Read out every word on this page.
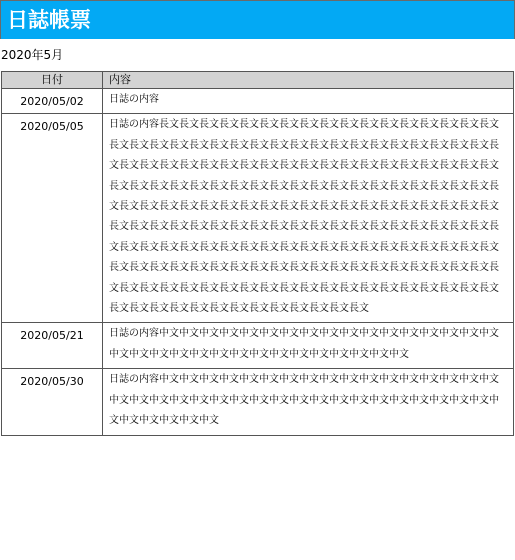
日誌帳票
2020年5月
日付	内容
2020/05/02	日誌の内容

2020/05/05	日誌の内容長文長文長文長文長文長文長文長文長文長文長文長文長文長文長文長文長文長文長文長文長文長文長文長文長文長文長文長文長文長文長文長文長文長文長文長文長文長文長文長文長文長文長文長文長文長文長文長文長文長文長文長文長文長文長文長文長文長文長文長文長文長文長文長文長文長文長文長文長文長文長文長文長文長文長文長文長文長文長文長文長文長文長文長文長文長文長文長文長文長文長文長文長文長文長文長文長文長文長文長文長文長文長文長文長文長文長文長文長文長文長文長文長文長文長文長文長文長文長文長文長文長文長文長文長文長文長文長文長文長文長文長文長文長文長文長文長文長文長文長文長文長文長文長文長文長文長文長文長文長文長文長文長文長文長文長文長文長文長文長文長文長文長文長文長文長文長文長文長文長文長文長文長文長文長文長文長文長文長文長文長文長文長文長文長文長文

2020/05/21	日誌の内容中文中文中文中文中文中文中文中文中文中文中文中文中文中文中文中文中文中文中文中文中文中文中文中文中文中文中文中文中文中文中文中文

2020/05/30	日誌の内容中文中文中文中文中文中文中文中文中文中文中文中文中文中文中文中文中文中文中文中文中文中文中文中文中文中文中文中文中文中文中文中文中文中文中文中文中文中文中文中文中文中文
